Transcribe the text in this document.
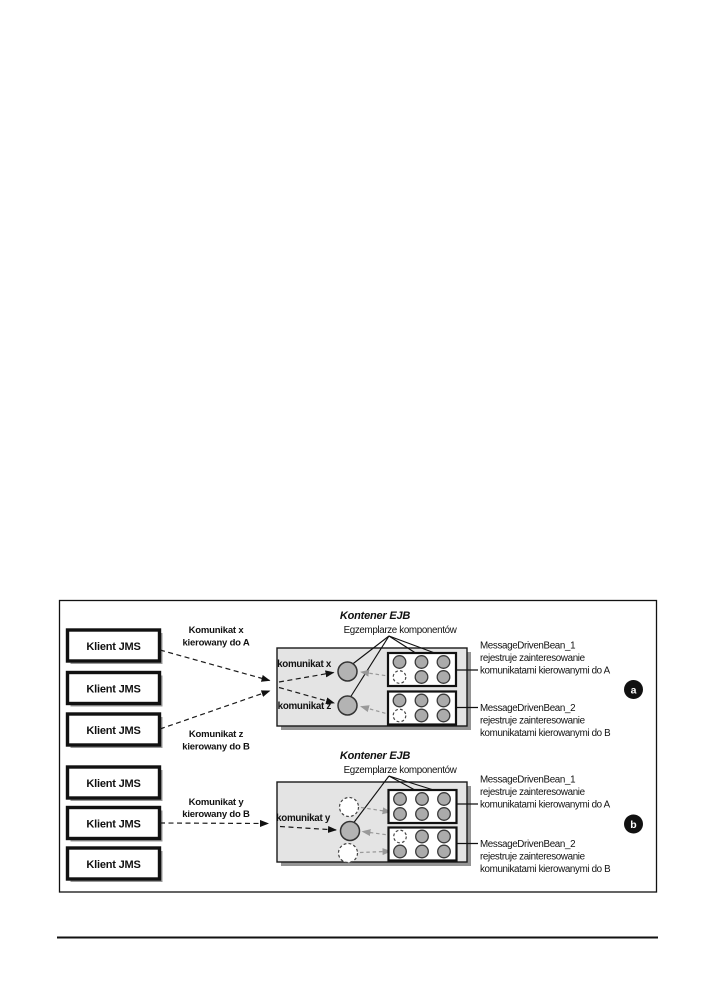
Klient JMS
Klient JMS
Klient JMS
Klient JMS
Klient JMS
Klient JMS
Komunikat x
kierowany do A
Komunikat z
kierowany do B
Komunikat y
kierowany do B
Kontener EJB
Egzemplarze komponentów
komunikat x
komunikat z
MessageDrivenBean_1
rejestruje zainteresowanie
komunikatami kierowanymi do A
MessageDrivenBean_2
rejestruje zainteresowanie
komunikatami kierowanymi do B
a
Kontener EJB
Egzemplarze komponentów
komunikat y
MessageDrivenBean_1
rejestruje zainteresowanie
komunikatami kierowanymi do A
MessageDrivenBean_2
rejestruje zainteresowanie
komunikatami kierowanymi do B
b
